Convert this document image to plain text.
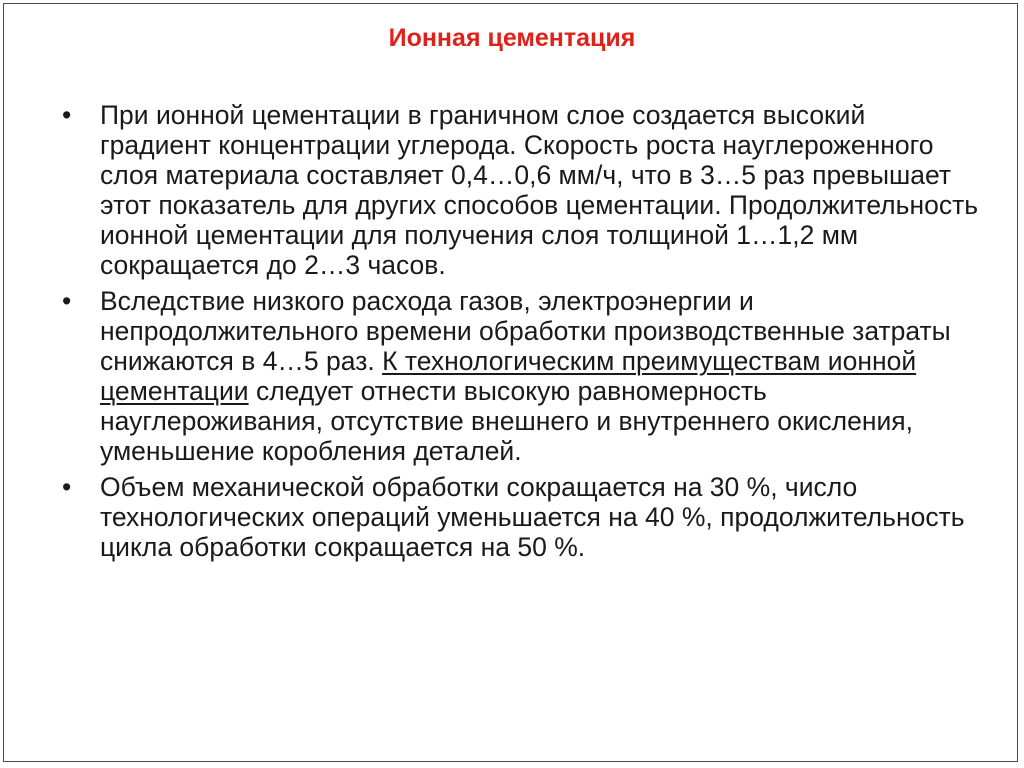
Ионная цементация
•	При ионной цементации в граничном слое создается высокий градиент концентрации углерода. Скорость роста науглероженного слоя материала составляет 0,4…0,6 мм/ч, что в 3…5 раз превышает этот показатель для других способов цементации. Продолжительность ионной цементации для получения слоя толщиной 1…1,2 мм сокращается до 2…3 часов.
•	Вследствие низкого расхода газов, электроэнергии и непродолжительного времени обработки производственные затраты снижаются в 4…5 раз. К технологическим преимуществам ионной цементации следует отнести высокую равномерность науглероживания, отсутствие внешнего и внутреннего окисления, уменьшение коробления деталей.
•	Объем механической обработки сокращается на 30 %, число технологических операций уменьшается на 40 %, продолжительность цикла обработки сокращается на 50 %.
